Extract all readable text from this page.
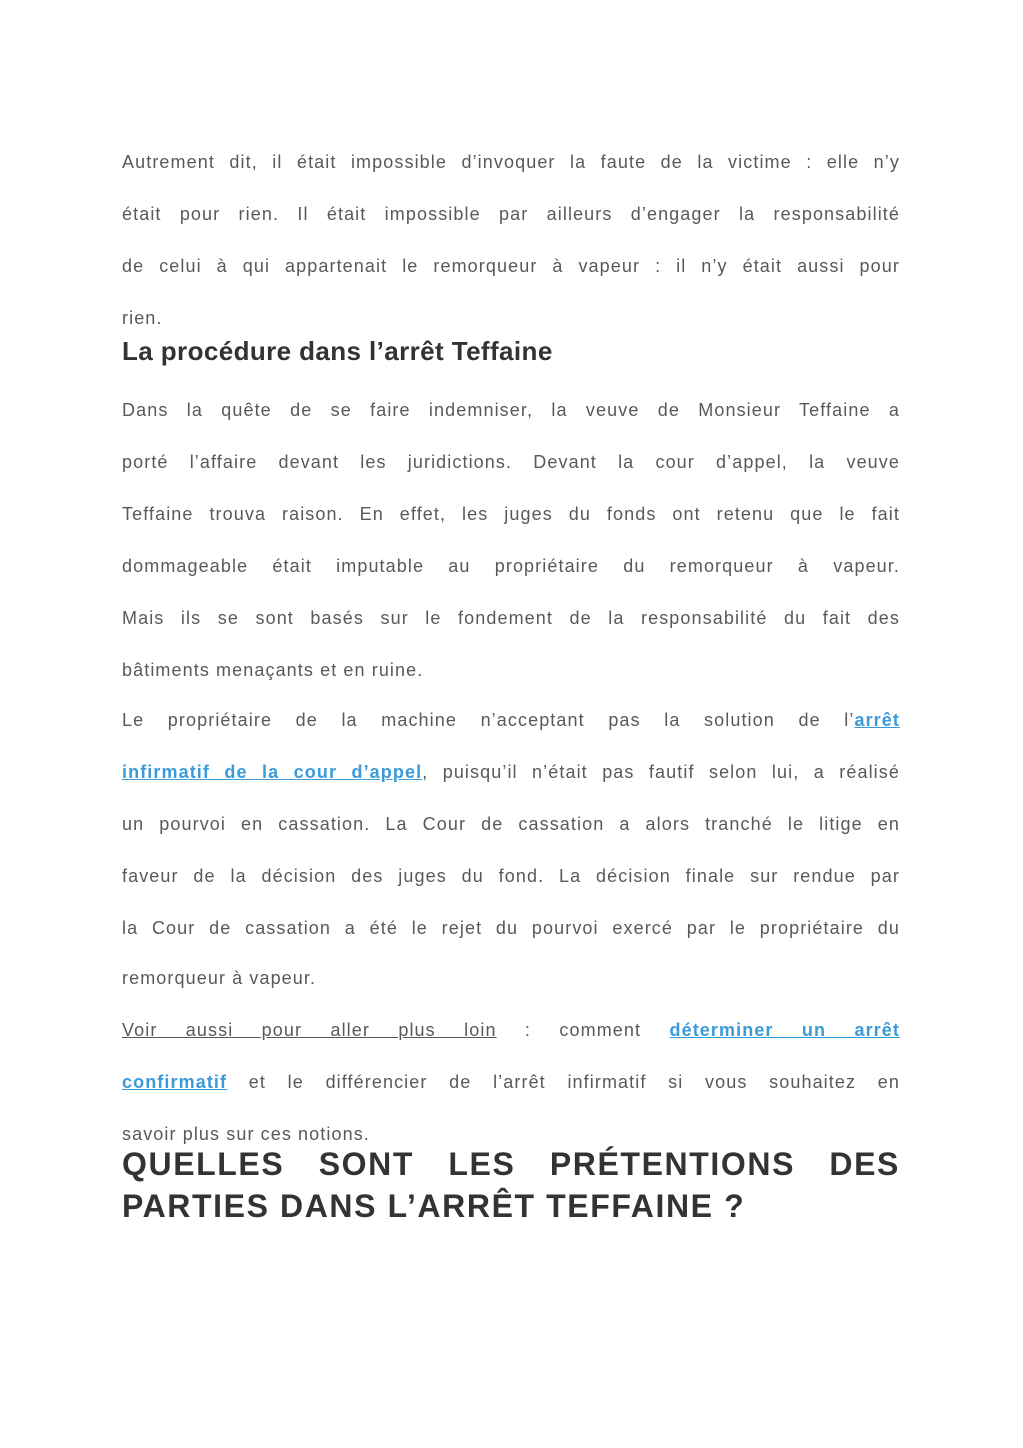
Autrement dit, il était impossible d’invoquer la faute de la victime : elle n’y
était pour rien. Il était impossible par ailleurs d’engager la responsabilité
de celui à qui appartenait le remorqueur à vapeur : il n’y était aussi pour
rien.
La procédure dans l’arrêt Teffaine
Dans la quête de se faire indemniser, la veuve de Monsieur Teffaine a
porté l’affaire devant les juridictions. Devant la cour d’appel, la veuve
Teffaine trouva raison. En effet, les juges du fonds ont retenu que le fait
dommageable était imputable au propriétaire du remorqueur à vapeur.
Mais ils se sont basés sur le fondement de la responsabilité du fait des
bâtiments menaçants et en ruine.
Le propriétaire de la machine n’acceptant pas la solution de l’arrêt
infirmatif de la cour d’appel, puisqu’il n’était pas fautif selon lui, a réalisé
un pourvoi en cassation. La Cour de cassation a alors tranché le litige en
faveur de la décision des juges du fond. La décision finale sur rendue par
la Cour de cassation a été le rejet du pourvoi exercé par le propriétaire du
remorqueur à vapeur.
Voir aussi pour aller plus loin : comment déterminer un arrêt
confirmatif et le différencier de l’arrêt infirmatif si vous souhaitez en
savoir plus sur ces notions.
QUELLES SONT LES PRÉTENTIONS DES
PARTIES DANS L’ARRÊT TEFFAINE ?
